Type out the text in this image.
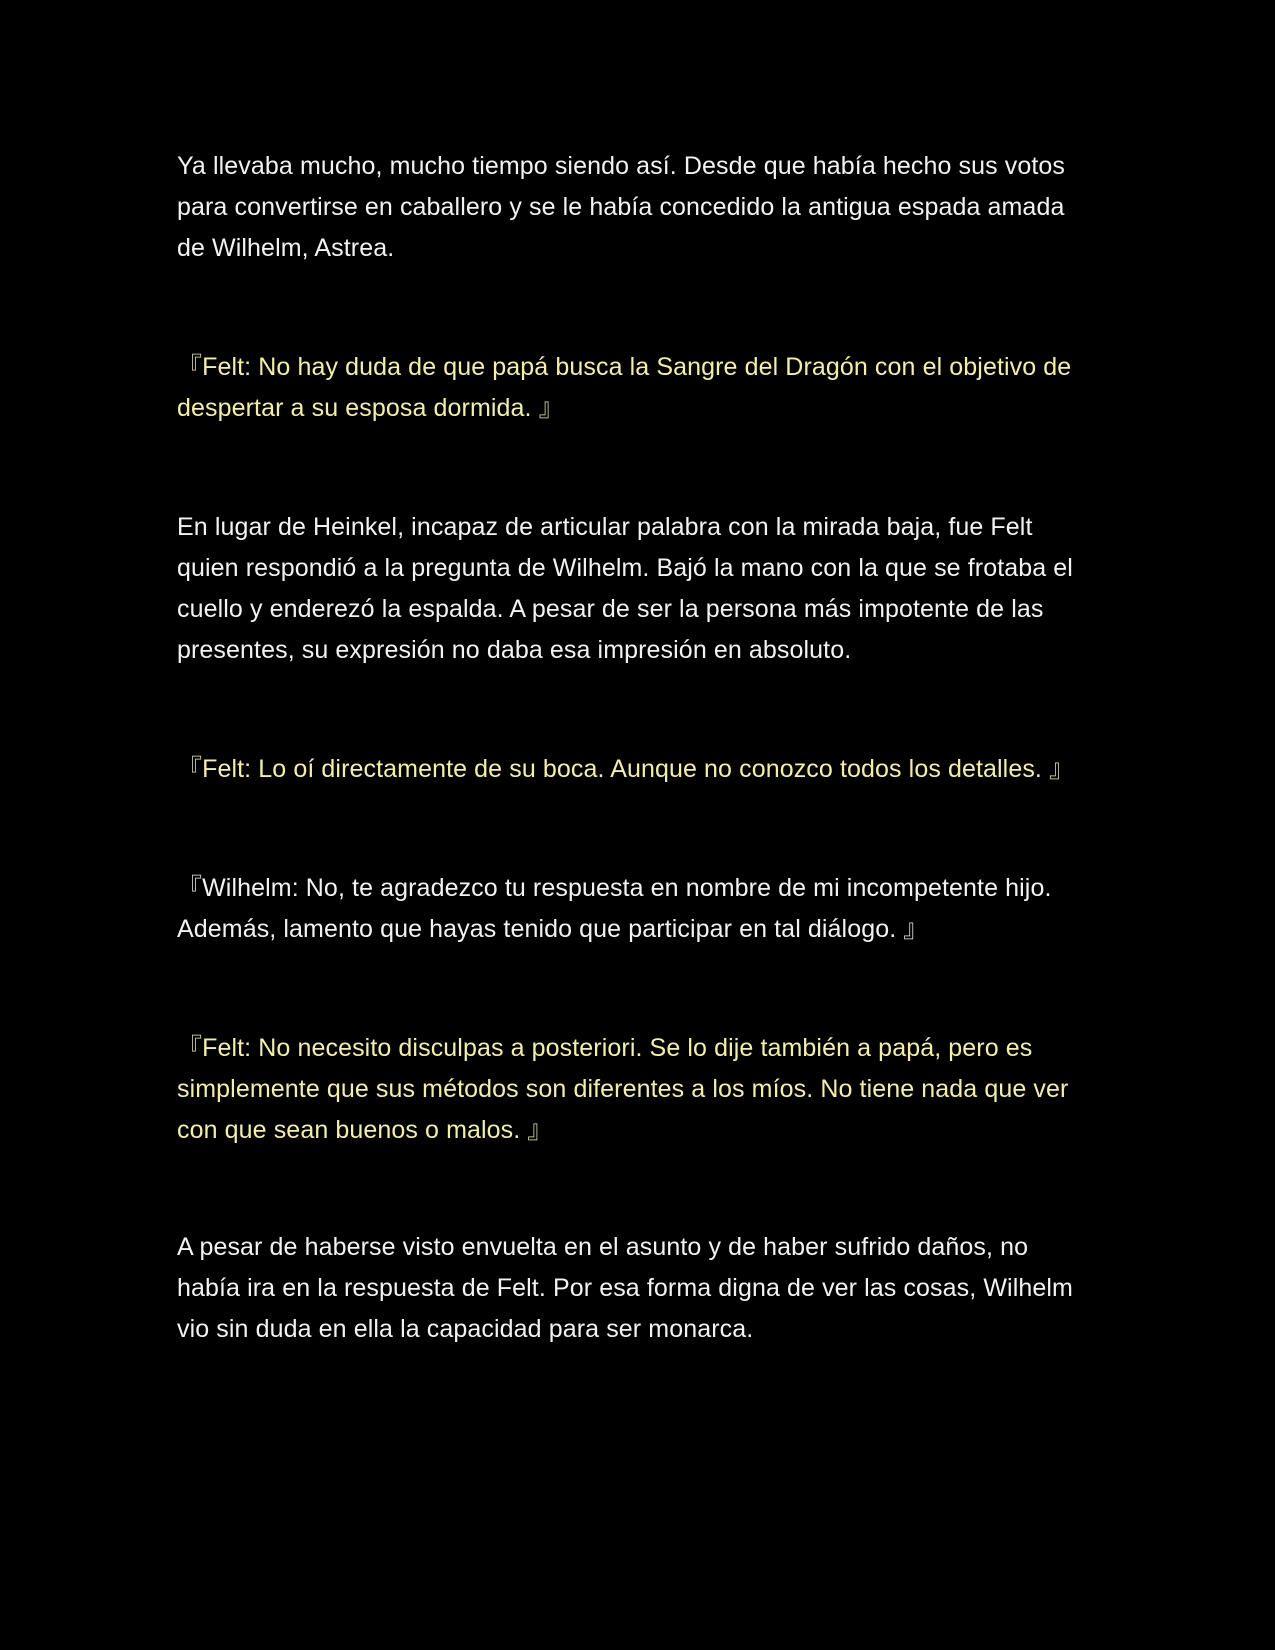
Ya llevaba mucho, mucho tiempo siendo así. Desde que había hecho sus votos para convertirse en caballero y se le había concedido la antigua espada amada de Wilhelm, Astrea.

『Felt: No hay duda de que papá busca la Sangre del Dragón con el objetivo de despertar a su esposa dormida. 』

En lugar de Heinkel, incapaz de articular palabra con la mirada baja, fue Felt quien respondió a la pregunta de Wilhelm. Bajó la mano con la que se frotaba el cuello y enderezó la espalda. A pesar de ser la persona más impotente de las presentes, su expresión no daba esa impresión en absoluto.

『Felt: Lo oí directamente de su boca. Aunque no conozco todos los detalles. 』

『Wilhelm: No, te agradezco tu respuesta en nombre de mi incompetente hijo. Además, lamento que hayas tenido que participar en tal diálogo. 』

『Felt: No necesito disculpas a posteriori. Se lo dije también a papá, pero es simplemente que sus métodos son diferentes a los míos. No tiene nada que ver con que sean buenos o malos. 』

A pesar de haberse visto envuelta en el asunto y de haber sufrido daños, no había ira en la respuesta de Felt. Por esa forma digna de ver las cosas, Wilhelm vio sin duda en ella la capacidad para ser monarca.
